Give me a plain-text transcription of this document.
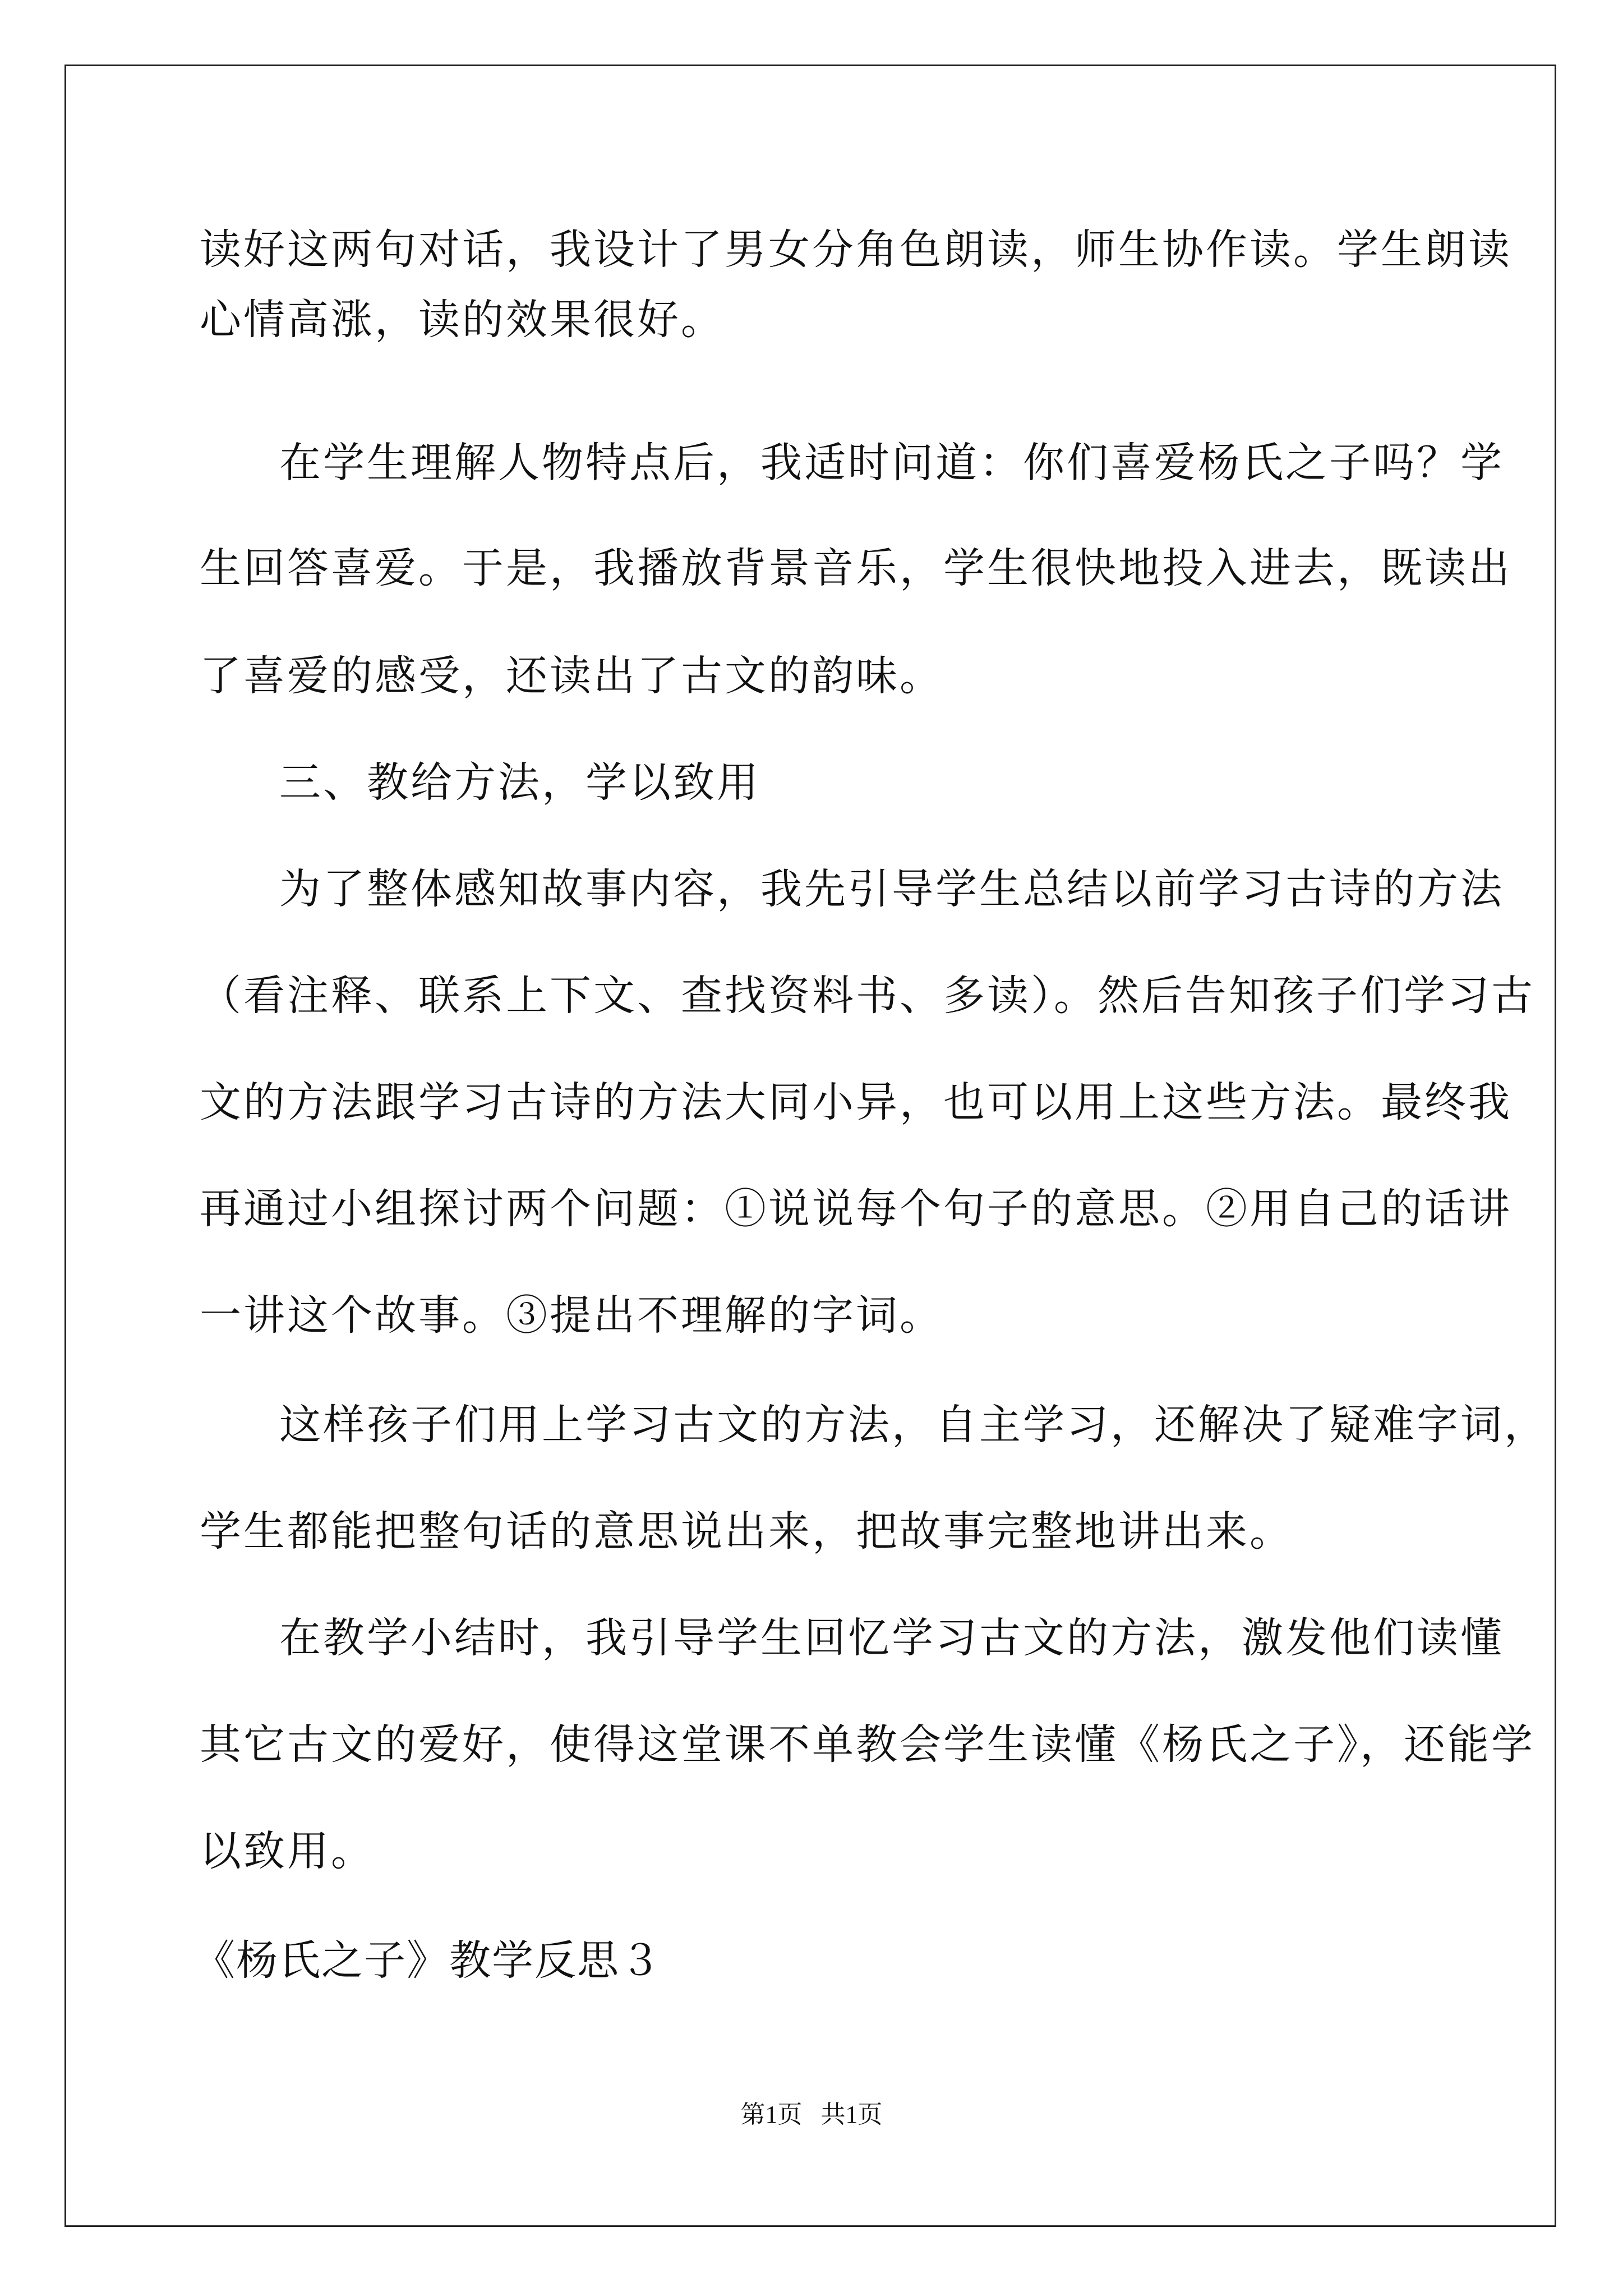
读好这两句对话，我设计了男女分角色朗读，师生协作读。学生朗读
心情高涨，读的效果很好。
在学生理解人物特点后，我适时问道：你们喜爱杨氏之子吗？学
生回答喜爱。于是，我播放背景音乐，学生很快地投入进去，既读出
了喜爱的感受，还读出了古文的韵味。
三、教给方法，学以致用
为了整体感知故事内容，我先引导学生总结以前学习古诗的方法
（看注释、联系上下文、查找资料书、多读）。然后告知孩子们学习古
文的方法跟学习古诗的方法大同小异，也可以用上这些方法。最终我
再通过小组探讨两个问题：①说说每个句子的意思。②用自己的话讲
一讲这个故事。③提出不理解的字词。
这样孩子们用上学习古文的方法，自主学习，还解决了疑难字词，
学生都能把整句话的意思说出来，把故事完整地讲出来。
在教学小结时，我引导学生回忆学习古文的方法，激发他们读懂
其它古文的爱好，使得这堂课不单教会学生读懂《杨氏之子》，还能学
以致用。
《杨氏之子》教学反思３
第1页   共1页
